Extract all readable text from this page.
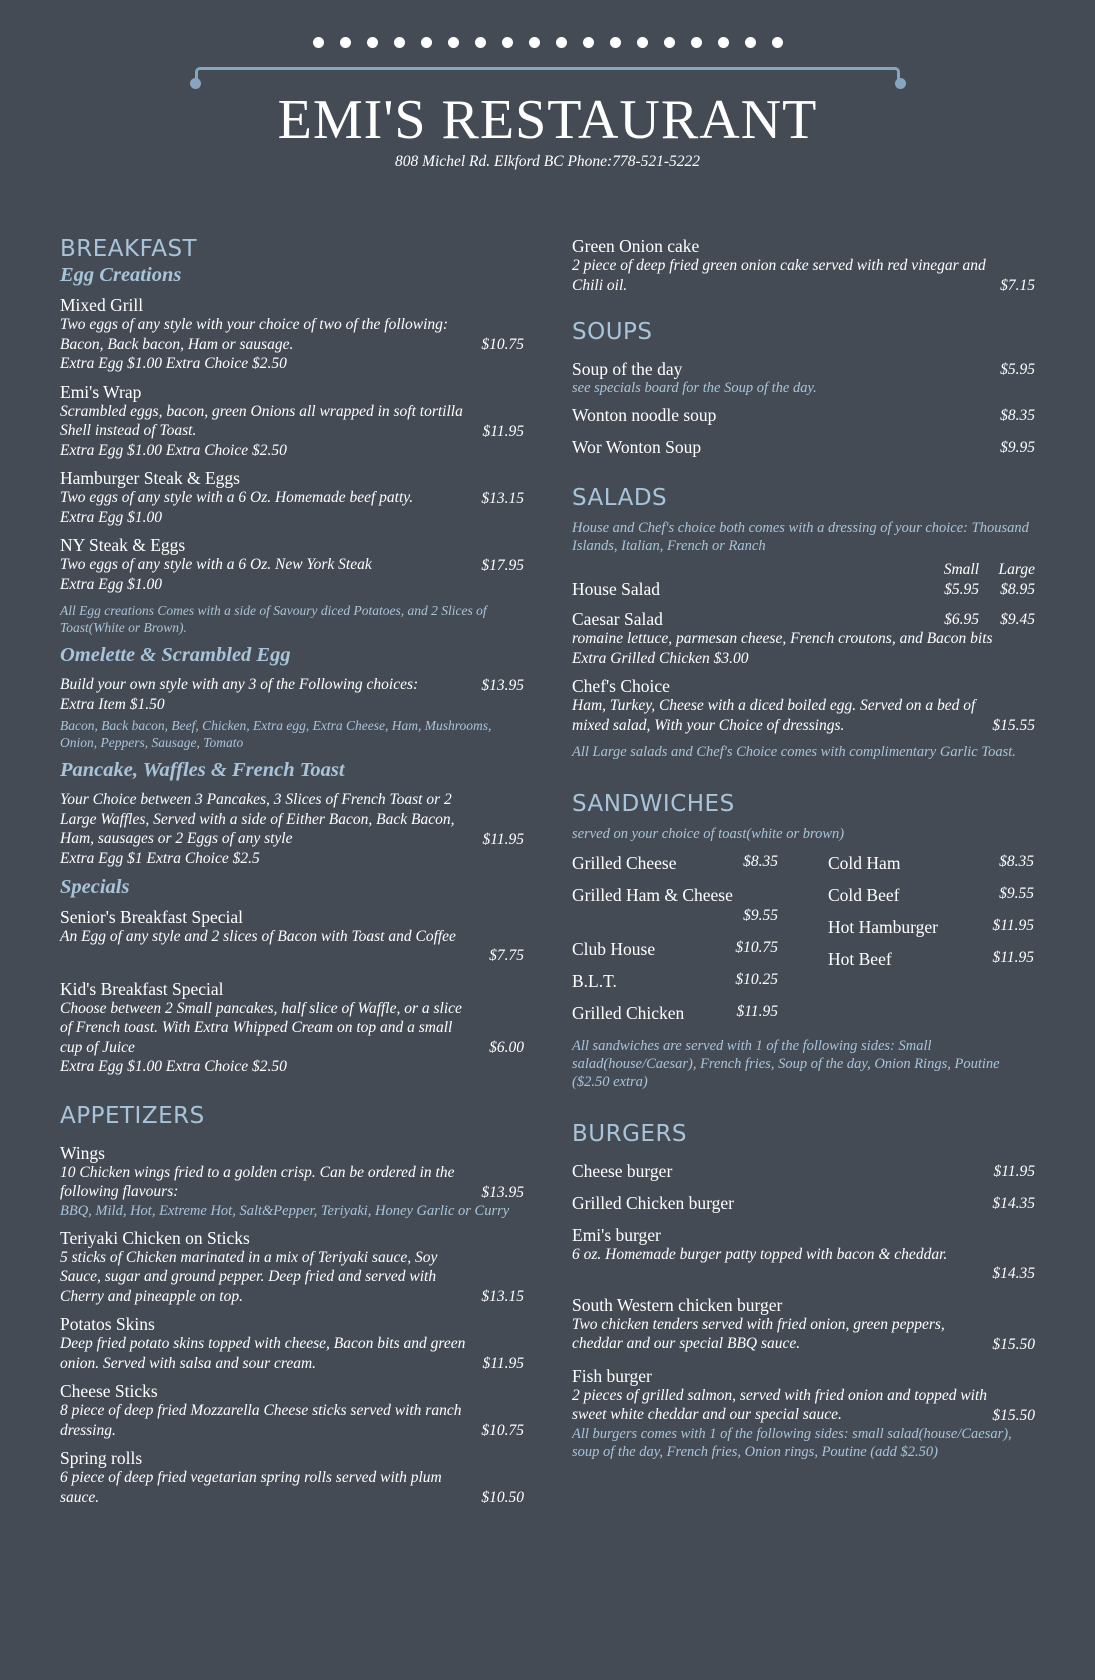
EMI'S RESTAURANT
808 Michel Rd. Elkford BC Phone:778-521-5222
BREAKFAST
Egg Creations
Mixed Grill
Two eggs of any style with your choice of two of the following:
Bacon, Back bacon, Ham or sausage.	$10.75
Extra Egg $1.00 Extra Choice $2.50
Emi's Wrap
Scrambled eggs, bacon, green Onions all wrapped in soft tortilla
Shell instead of Toast.	$11.95
Extra Egg $1.00 Extra Choice $2.50
Hamburger Steak & Eggs
Two eggs of any style with a 6 Oz. Homemade beef patty.	$13.15
Extra Egg $1.00
NY Steak & Eggs
Two eggs of any style with a 6 Oz. New York Steak	$17.95
Extra Egg $1.00
All Egg creations Comes with a side of Savoury diced Potatoes, and 2 Slices of Toast(White or Brown).
Omelette & Scrambled Egg
Build your own style with any 3 of the Following choices:	$13.95
Extra Item $1.50
Bacon, Back bacon, Beef, Chicken, Extra egg, Extra Cheese, Ham, Mushrooms, Onion, Peppers, Sausage, Tomato
Pancake, Waffles & French Toast
Your Choice between 3 Pancakes, 3 Slices of French Toast or 2
Large Waffles, Served with a side of Either Bacon, Back Bacon,
Ham, sausages or 2 Eggs of any style	$11.95
Extra Egg $1 Extra Choice $2.5
Specials
Senior's Breakfast Special
An Egg of any style and 2 slices of Bacon with Toast and Coffee
$7.75
Kid's Breakfast Special
Choose between 2 Small pancakes, half slice of Waffle, or a slice
of French toast. With Extra Whipped Cream on top and a small
cup of Juice	$6.00
Extra Egg $1.00 Extra Choice $2.50
APPETIZERS
Wings
10 Chicken wings fried to a golden crisp. Can be ordered in the
following flavours:	$13.95
BBQ, Mild, Hot, Extreme Hot, Salt&Pepper, Teriyaki, Honey Garlic or Curry
Teriyaki Chicken on Sticks
5 sticks of Chicken marinated in a mix of Teriyaki sauce, Soy
Sauce, sugar and ground pepper. Deep fried and served with
Cherry and pineapple on top.	$13.15
Potatos Skins
Deep fried potato skins topped with cheese, Bacon bits and green
onion. Served with salsa and sour cream.	$11.95
Cheese Sticks
8 piece of deep fried Mozzarella Cheese sticks served with ranch
dressing.	$10.75
Spring rolls
6 piece of deep fried vegetarian spring rolls served with plum
sauce.	$10.50
Green Onion cake
2 piece of deep fried green onion cake served with red vinegar and
Chili oil.	$7.15
SOUPS
Soup of the day	$5.95
see specials board for the Soup of the day.
Wonton noodle soup	$8.35
Wor Wonton Soup	$9.95
SALADS
House and Chef's choice both comes with a dressing of your choice: Thousand Islands, Italian, French or Ranch
Small	Large
House Salad	$5.95	$8.95
Caesar Salad	$6.95	$9.45
romaine lettuce, parmesan cheese, French croutons, and Bacon bits
Extra Grilled Chicken $3.00
Chef's Choice
Ham, Turkey, Cheese with a diced boiled egg. Served on a bed of
mixed salad, With your Choice of dressings.	$15.55
All Large salads and Chef's Choice comes with complimentary Garlic Toast.
SANDWICHES
served on your choice of toast(white or brown)
Grilled Cheese	$8.35
Grilled Ham & Cheese
$9.55
Club House	$10.75
B.L.T.	$10.25
Grilled Chicken	$11.95
Cold Ham	$8.35
Cold Beef	$9.55
Hot Hamburger	$11.95
Hot Beef	$11.95
All sandwiches are served with 1 of the following sides: Small salad(house/Caesar), French fries, Soup of the day, Onion Rings, Poutine ($2.50 extra)
BURGERS
Cheese burger	$11.95
Grilled Chicken burger	$14.35
Emi's burger
6 oz. Homemade burger patty topped with bacon & cheddar.
$14.35
South Western chicken burger
Two chicken tenders served with fried onion, green peppers,
cheddar and our special BBQ sauce.	$15.50
Fish burger
2 pieces of grilled salmon, served with fried onion and topped with
sweet white cheddar and our special sauce.	$15.50
All burgers comes with 1 of the following sides: small salad(house/Caesar), soup of the day, French fries, Onion rings, Poutine (add $2.50)
